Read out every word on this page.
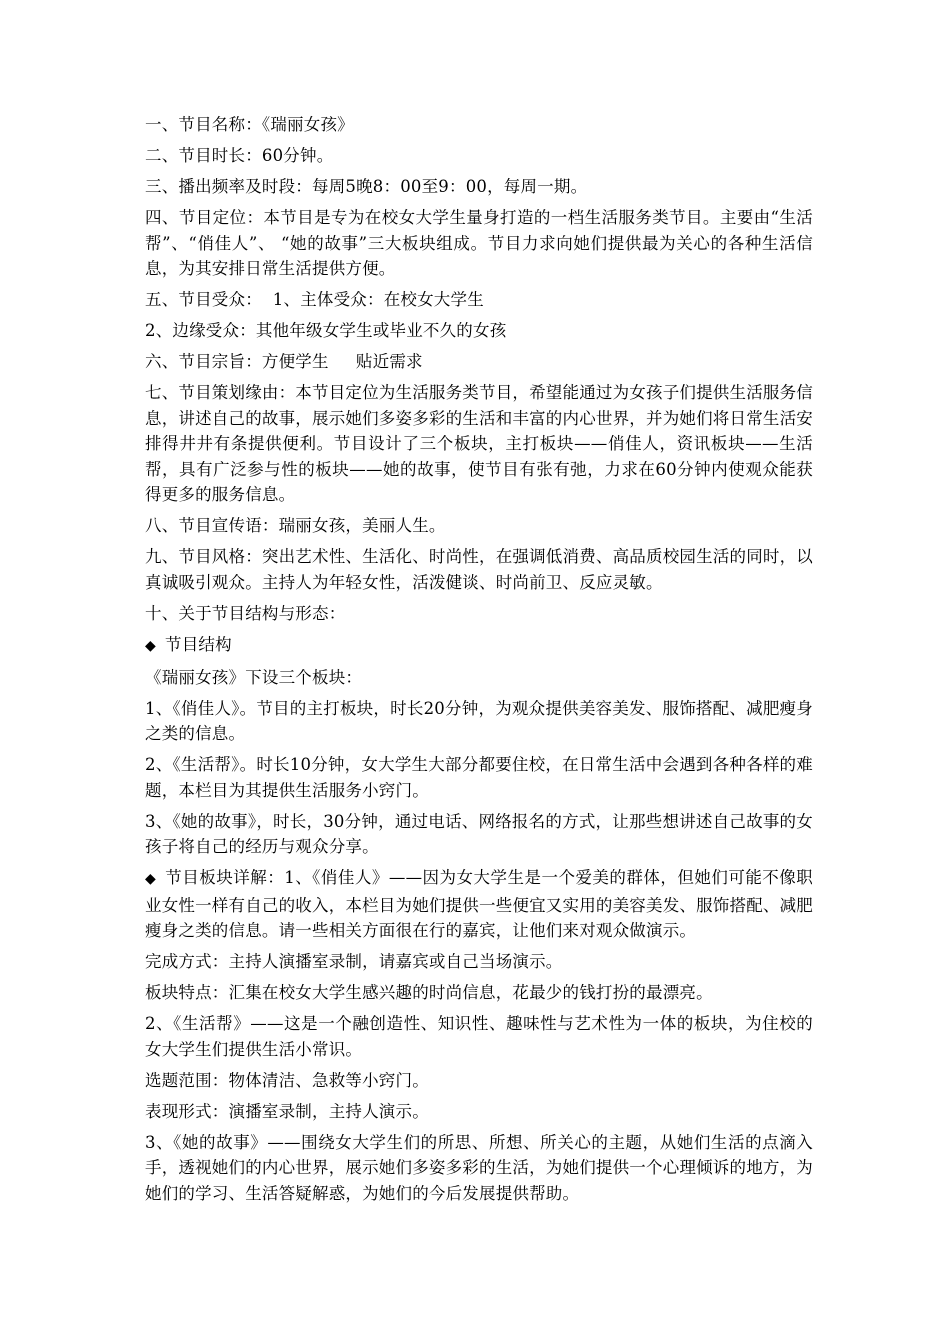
一、节目名称：《瑞丽女孩》

二、节目时长：60分钟。

三、播出频率及时段：每周5晚8：00至9：00，每周一期。

四、节目定位：本节目是专为在校女大学生量身打造的一档生活服务类节目。主要由“生活帮”、“俏佳人”、 “她的故事”三大板块组成。节目力求向她们提供最为关心的各种生活信息，为其安排日常生活提供方便。

五、节目受众：  1、主体受众：在校女大学生

2、边缘受众：其他年级女学生或毕业不久的女孩

六、节目宗旨：方便学生     贴近需求

七、节目策划缘由：本节目定位为生活服务类节目，希望能通过为女孩子们提供生活服务信息，讲述自己的故事，展示她们多姿多彩的生活和丰富的内心世界，并为她们将日常生活安排得井井有条提供便利。节目设计了三个板块，主打板块——俏佳人，资讯板块——生活帮，具有广泛参与性的板块——她的故事，使节目有张有弛，力求在60分钟内使观众能获得更多的服务信息。

八、节目宣传语：瑞丽女孩，美丽人生。

九、节目风格：突出艺术性、生活化、时尚性，在强调低消费、高品质校园生活的同时，以真诚吸引观众。主持人为年轻女性，活泼健谈、时尚前卫、反应灵敏。

十、关于节目结构与形态：

◆ 节目结构

《瑞丽女孩》下设三个板块：

1、《俏佳人》。节目的主打板块，时长20分钟，为观众提供美容美发、服饰搭配、减肥瘦身之类的信息。

2、《生活帮》。时长10分钟，女大学生大部分都要住校，在日常生活中会遇到各种各样的难题，本栏目为其提供生活服务小窍门。

3、《她的故事》，时长，30分钟，通过电话、网络报名的方式，让那些想讲述自己故事的女孩子将自己的经历与观众分享。

◆ 节目板块详解：1、《俏佳人》——因为女大学生是一个爱美的群体，但她们可能不像职业女性一样有自己的收入，本栏目为她们提供一些便宜又实用的美容美发、服饰搭配、减肥瘦身之类的信息。请一些相关方面很在行的嘉宾，让他们来对观众做演示。

完成方式：主持人演播室录制，请嘉宾或自己当场演示。

板块特点：汇集在校女大学生感兴趣的时尚信息，花最少的钱打扮的最漂亮。

2、《生活帮》——这是一个融创造性、知识性、趣味性与艺术性为一体的板块，为住校的女大学生们提供生活小常识。

选题范围：物体清洁、急救等小窍门。

表现形式：演播室录制，主持人演示。

3、《她的故事》——围绕女大学生们的所思、所想、所关心的主题，从她们生活的点滴入手，透视她们的内心世界，展示她们多姿多彩的生活，为她们提供一个心理倾诉的地方，为她们的学习、生活答疑解惑，为她们的今后发展提供帮助。
